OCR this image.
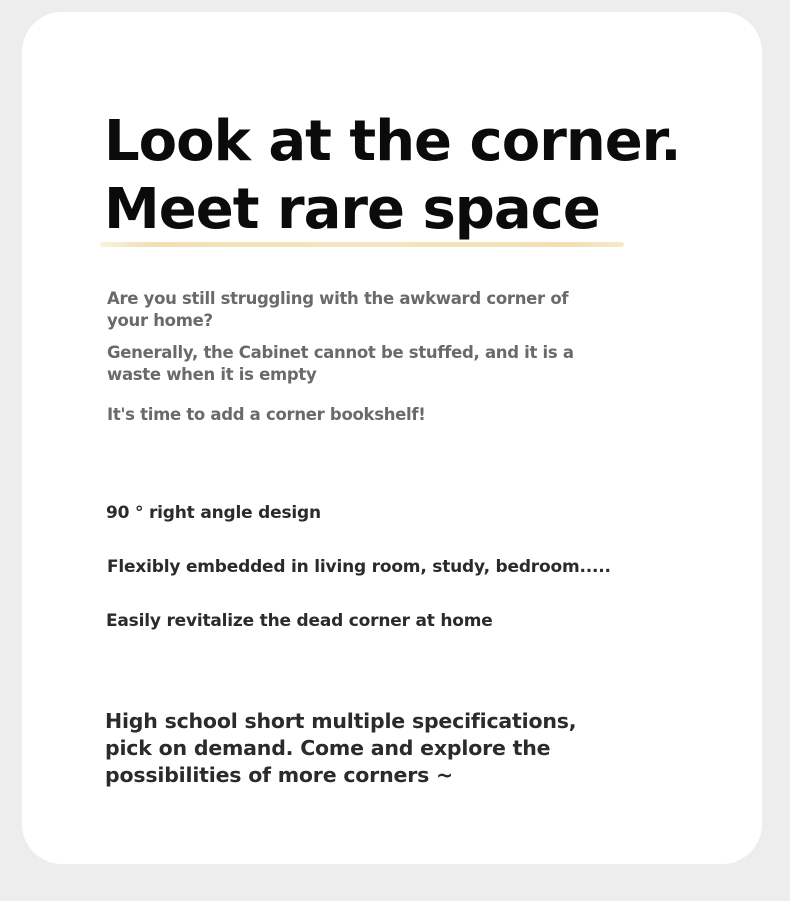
Look at the corner.
Meet rare space

Are you still struggling with the awkward corner of your home?

Generally, the Cabinet cannot be stuffed, and it is a waste when it is empty

It's time to add a corner bookshelf!

90 ° right angle design
Flexibly embedded in living room, study, bedroom.....
Easily revitalize the dead corner at home

High school short multiple specifications, pick on demand. Come and explore the possibilities of more corners ~
